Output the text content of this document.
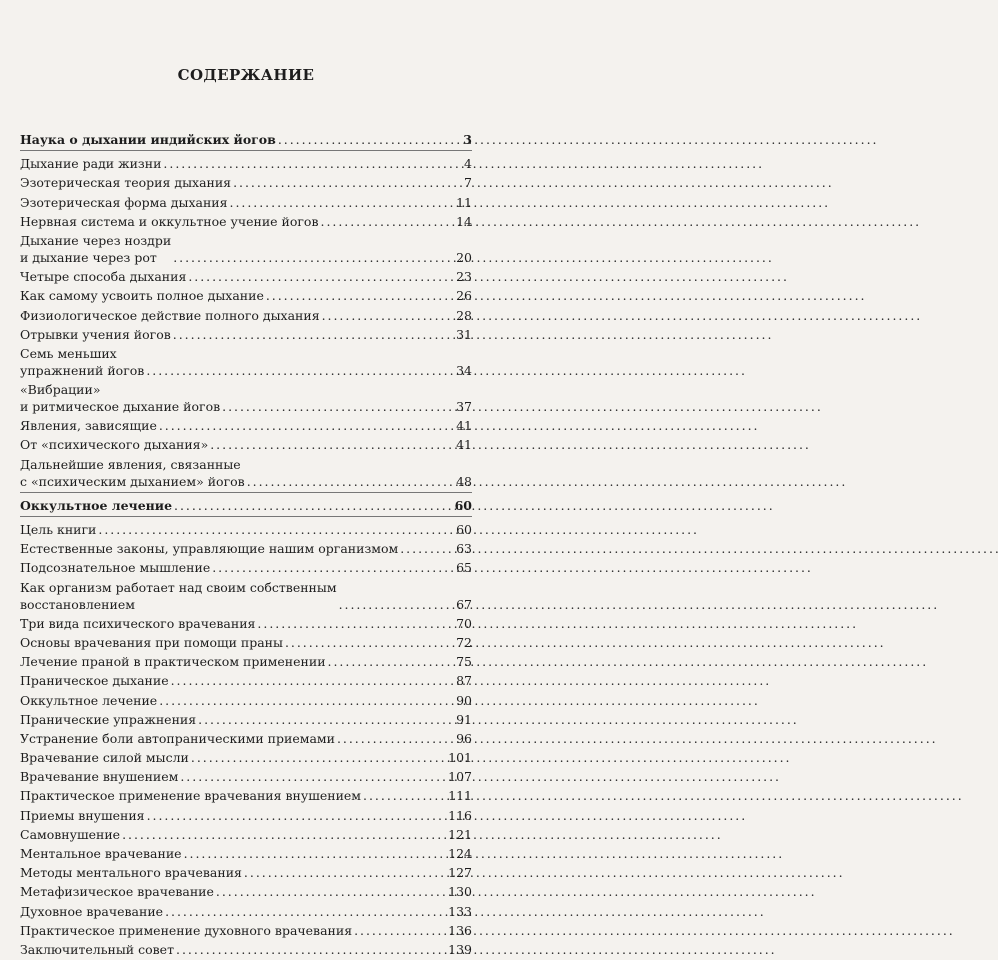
СОДЕРЖАНИЕ
Наука о дыхании индийских йогов . . .	3
Дыхание ради жизни . . .	4
Эзотерическая теория дыхания . . .	7
Эзотерическая форма дыхания . . .	11
Нервная система и оккультное учение йогов . . .	14
Дыхание через ноздри
и дыхание через рот . . .	20
Четыре способа дыхания . . .	23
Как самому усвоить полное дыхание . . .	26
Физиологическое действие полного дыхания . . .	28
Отрывки учения йогов . . .	31
Семь меньших
упражнений йогов . . .	34
«Вибрации»
и ритмическое дыхание йогов . . .	37
Явления, зависящие . . .	41
От «психического дыхания» . . .	41
Дальнейшие явления, связанные
с «психическим дыханием» йогов . . .	48
Оккультное лечение . . .	60
Цель книги . . .	60
Естественные законы, управляющие нашим организмом . . .	63
Подсознательное мышление . . .	65
Как организм работает над своим собственным
восстановлением . . .	67
Три вида психического врачевания . . .	70
Основы врачевания при помощи праны . . .	72
Лечение праной в практическом применении . . .	75
Праническое дыхание . . .	87
Оккультное лечение . . .	90
Пранические упражнения . . .	91
Устранение боли автопраническими приемами . . .	96
Врачевание силой мысли . . .	101
Врачевание внушением . . .	107
Практическое применение врачевания внушением . . .	111
Приемы внушения . . .	116
Самовнушение . . .	121
Ментальное врачевание . . .	124
Методы ментального врачевания . . .	127
Метафизическое врачевание . . .	130
Духовное врачевание . . .	133
Практическое применение духовного врачевания . . .	136
Заключительный совет . . .	139
